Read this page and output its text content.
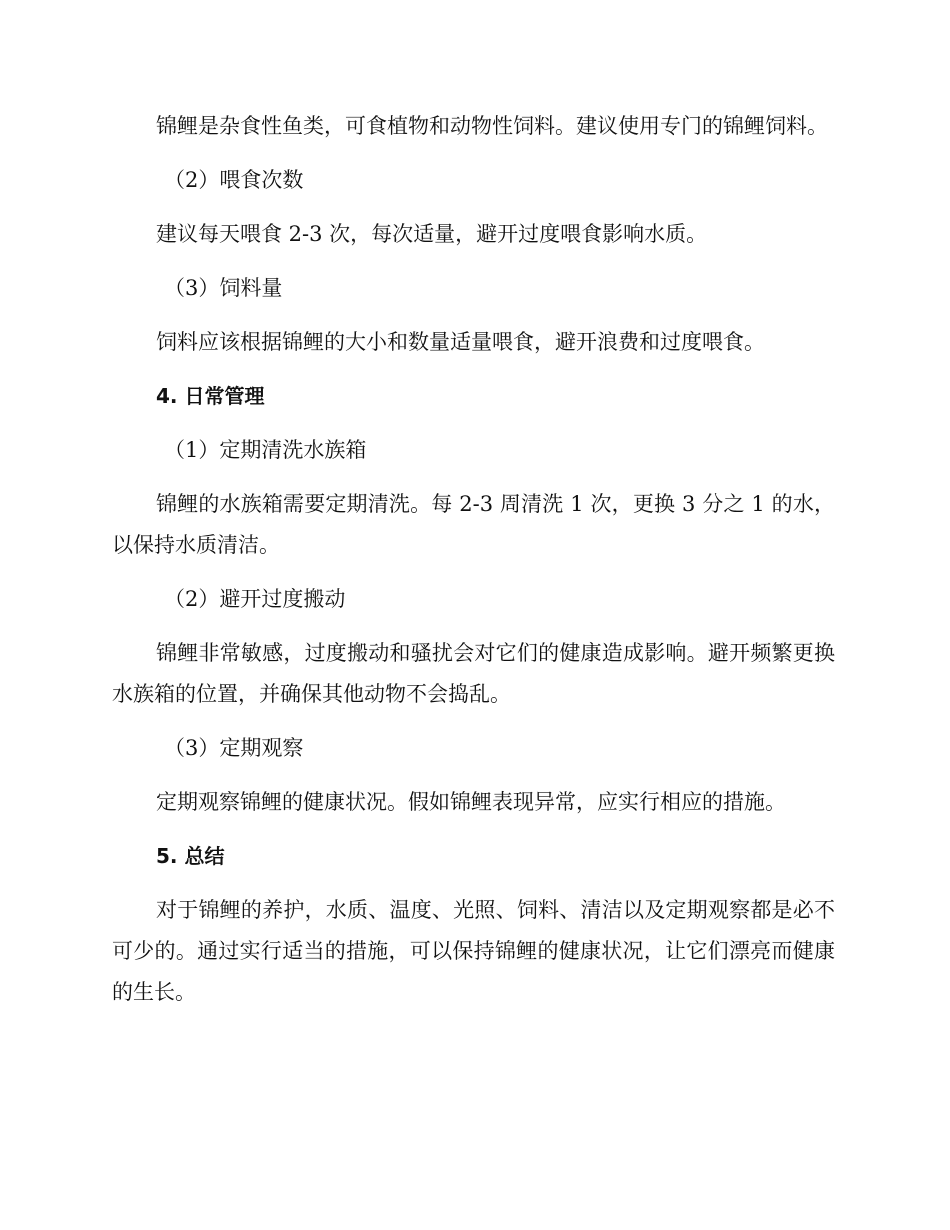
锦鲤是杂食性鱼类，可食植物和动物性饲料。建议使用专门的锦鲤饲料。

（2）喂食次数

建议每天喂食 2-3 次，每次适量，避开过度喂食影响水质。

（3）饲料量

饲料应该根据锦鲤的大小和数量适量喂食，避开浪费和过度喂食。

4. 日常管理

（1）定期清洗水族箱

锦鲤的水族箱需要定期清洗。每 2-3 周清洗 1 次，更换 3 分之 1 的水，以保持水质清洁。

（2）避开过度搬动

锦鲤非常敏感，过度搬动和骚扰会对它们的健康造成影响。避开频繁更换水族箱的位置，并确保其他动物不会捣乱。

（3）定期观察

定期观察锦鲤的健康状况。假如锦鲤表现异常，应实行相应的措施。

5. 总结

对于锦鲤的养护，水质、温度、光照、饲料、清洁以及定期观察都是必不可少的。通过实行适当的措施，可以保持锦鲤的健康状况，让它们漂亮而健康的生长。
